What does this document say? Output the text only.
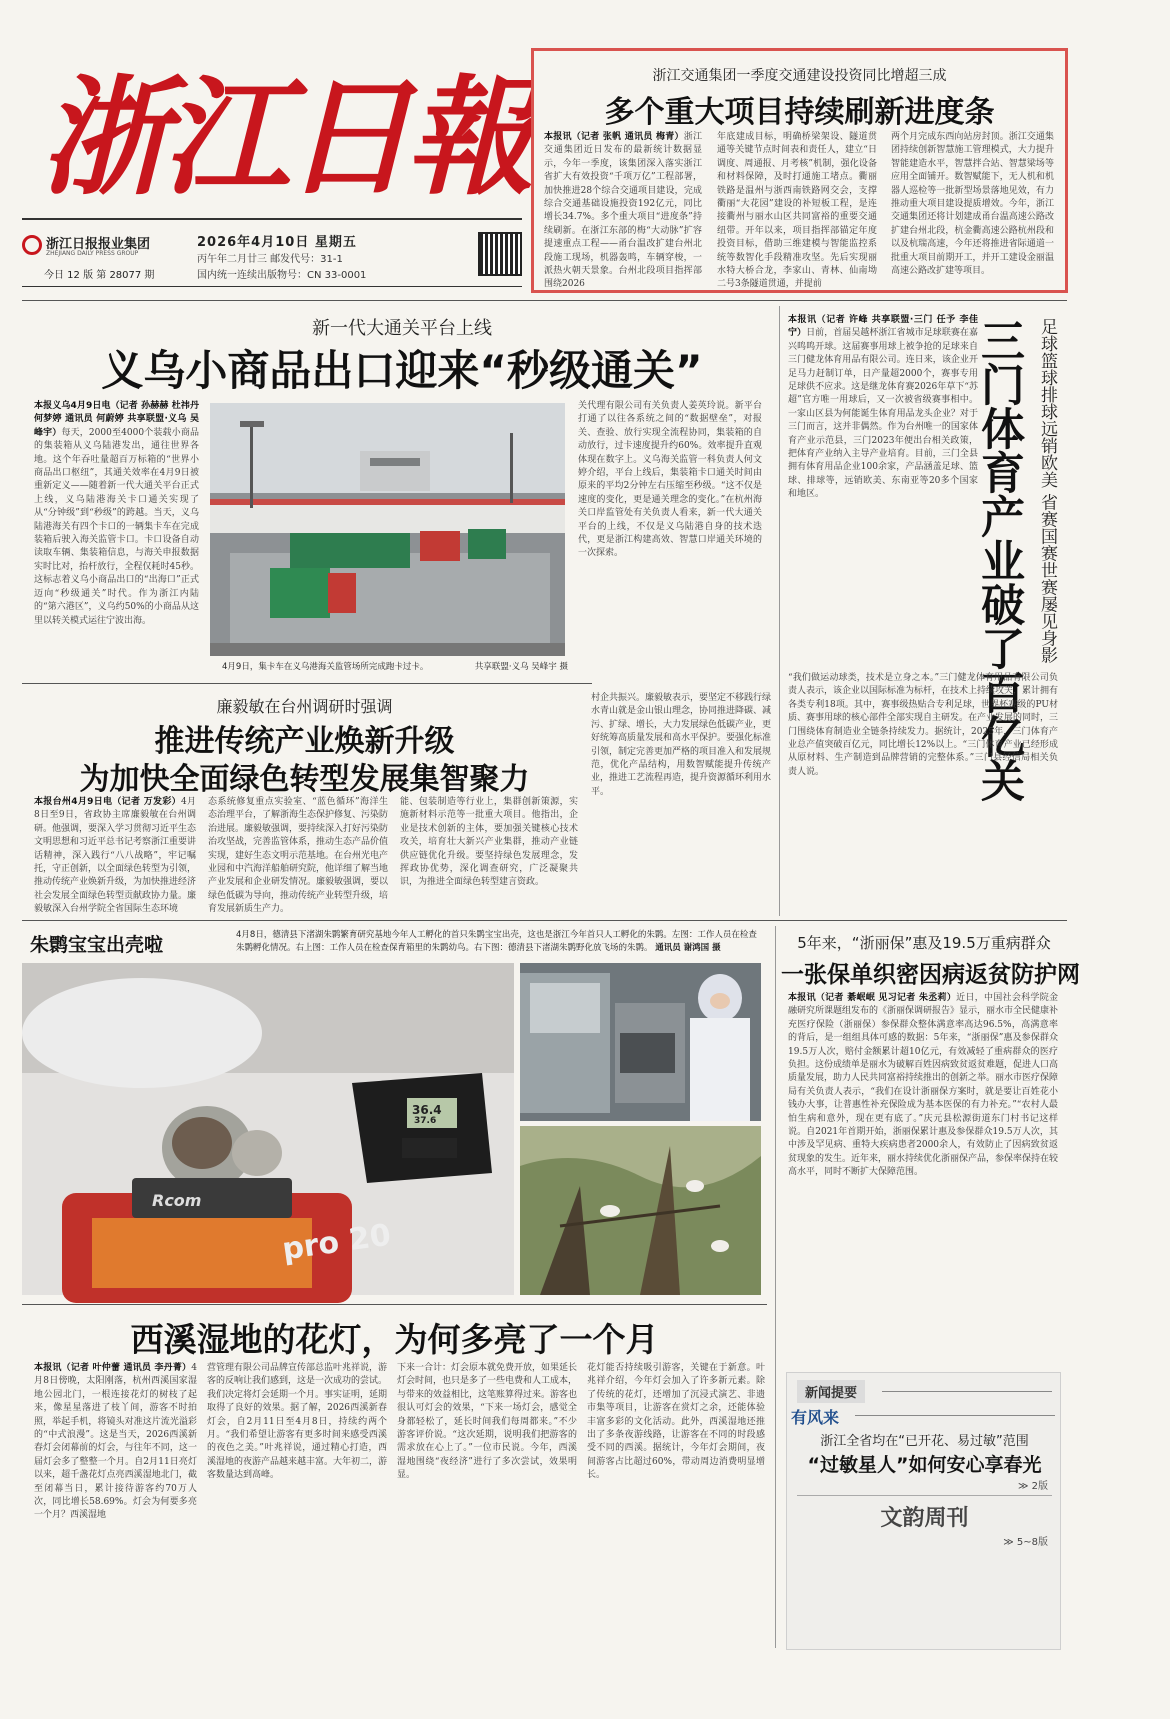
浙江日報
浙江日报报业集团
ZHEJIANG DAILY PRESS GROUP
今日 12 版 第 28077 期
2026年4月10日 星期五
丙午年二月廿三 邮发代号：31-1
国内统一连续出版物号：CN 33-0001
浙江交通集团一季度交通建设投资同比增超三成
多个重大项目持续刷新进度条
本报讯（记者 张帆 通讯员 梅青）浙江交通集团近日发布的最新统计数据显示，今年一季度，该集团深入落实浙江省扩大有效投资“千项万亿”工程部署，加快推进28个综合交通项目建设，完成综合交通基础设施投资192亿元，同比增长34.7%。多个重大项目“进度条”持续刷新。在浙江东部的梅“大动脉”扩容提速重点工程——甬台温改扩建台州北段施工现场，机器轰鸣，车辆穿梭，一派热火朝天景象。台州北段项目指挥部围绕2026
年底建成目标，明确桥梁架设、隧道贯通等关键节点时间表和责任人，建立“日调度、周通报、月考核”机制，强化设备和材料保障，及时打通施工堵点。衢丽铁路是温州与浙西南铁路网交会，支撑衢丽“大花园”建设的补短板工程，是连接衢州与丽水山区共同富裕的重要交通纽带。开年以来，项目指挥部锚定年度投资目标，借助三维建模与智能监控系统等数智化手段精准攻坚。先后实现丽水特大桥合龙，李家山、青林、仙南坳二号3条隧道贯通，并提前
两个月完成东西向站房封顶。浙江交通集团持续创新智慧施工管理模式，大力提升智能建造水平，智慧拌合站、智慧梁场等应用全面铺开。数智赋能下，无人机和机器人巡检等一批新型场景落地见效，有力推动重大项目建设提质增效。今年，浙江交通集团还将计划建成甬台温高速公路改扩建台州北段，杭金衢高速公路杭州段和以及杭瑞高速，今年还将推进省际通道一批重大项目前期开工，并开工建设金丽温高速公路改扩建等项目。
新一代大通关平台上线
义乌小商品出口迎来“秒级通关”
本报义乌4月9日电（记者 孙赫赫 杜祎丹 何梦婷 通讯员 何蔚婷 共享联盟·义乌 吴峰宇）每天，2000至4000个装载小商品的集装箱从义乌陆港发出，通往世界各地。这个年吞吐量超百万标箱的“世界小商品出口枢纽”，其通关效率在4月9日被重新定义——随着新一代大通关平台正式上线，义乌陆港海关卡口通关实现了从“分钟级”到“秒级”的跨越。当天，义乌陆港海关有四个卡口的一辆集卡车在完成装箱后驶入海关监管卡口。卡口设备自动读取车辆、集装箱信息，与海关申报数据实时比对，抬杆放行，全程仅耗时45秒。这标志着义乌小商品出口的“出海口”正式迈向“秒级通关”时代。作为浙江内陆的“第六港区”，义乌约50%的小商品从这里以转关模式运往宁波出海。
4月9日，集卡车在义乌港海关监管场所完成跑卡过卡。	共享联盟·义乌 吴峰宇 摄
关代理有限公司有关负责人姜英玲说。新平台打通了以往各系统之间的“数据壁垒”，对报关、查验、放行实现全流程协同，集装箱的自动放行，过卡速度提升约60%。效率提升直观体现在数字上。义乌海关监管一科负责人何文婷介绍，平台上线后，集装箱卡口通关时间由原来的平均2分钟左右压缩至秒级。“这不仅是速度的变化，更是通关理念的变化。”在杭州海关口岸监管处有关负责人看来，新一代大通关平台的上线，不仅是义乌陆港自身的技术迭代，更是浙江构建高效、智慧口岸通关环境的一次探索。
廉毅敏在台州调研时强调
推进传统产业焕新升级
为加快全面绿色转型发展集智聚力
本报台州4月9日电（记者 万发彩）4月8日至9日，省政协主席廉毅敏在台州调研。他强调，要深入学习贯彻习近平生态文明思想和习近平总书记考察浙江重要讲话精神，深入践行“八八战略”，牢记嘱托，守正创新，以全面绿色转型为引领，推动传统产业焕新升级，为加快推进经济社会发展全面绿色转型贡献政协力量。廉毅敏深入台州学院全省国际生态环境
态系统修复重点实验室、“蓝色循环”海洋生态治理平台，了解浙海生态保护修复、污染防治进展。廉毅敏强调，要持续深入打好污染防治攻坚战，完善监管体系，推动生态产品价值实现，建好生态文明示范基地。在台州光电产业园和中汽海洋船舶研究院，他详细了解当地产业发展和企业研发情况。廉毅敏强调，要以绿色低碳为导向，推动传统产业转型升级，培育发展新质生产力。
能、包装制造等行业上，集群创新策源，实施新材料示范等一批重大项目。他指出，企业是技术创新的主体，要加强关键核心技术攻关，培育壮大新兴产业集群，推动产业链供应链优化升级。要坚持绿色发展理念，发挥政协优势，深化调查研究，广泛凝聚共识，为推进全面绿色转型建言资政。
村企共振兴。廉毅敏表示，要坚定不移践行绿水青山就是金山银山理念，协同推进降碳、减污、扩绿、增长，大力发展绿色低碳产业，更好统筹高质量发展和高水平保护。要强化标准引领，制定完善更加严格的项目准入和发展规范，优化产品结构，用数智赋能提升传统产业，推进工艺流程再造，提升资源循环利用水平。
本报讯（记者 许峰 共享联盟·三门 任予 李佳宁）日前，首届吴越杯浙江省城市足球联赛在嘉兴鸣鸣开球。这届赛事用球上被争抢的足球来自三门健龙体育用品有限公司。连日来，该企业开足马力赶制订单，日产量超2000个，赛事专用足球供不应求。这是继龙体育赛2026年草下“苏超”官方唯一用球后，又一次被省级赛事相中。一家山区县为何能诞生体育用品龙头企业？对于三门而言，这并非偶然。作为台州唯一的国家体育产业示范县，三门2023年便出台相关政策，把体育产业纳入主导产业培育。目前，三门全县拥有体育用品企业100余家，产品涵盖足球、篮球、排球等，远销欧美、东南亚等20多个国家和地区。	三门体育产业破了百亿关 足球篮球排球远销欧美 省赛国赛世赛屡见身影
“我们做运动球类，技术是立身之本。”三门健龙体育用品有限公司负责人表示，该企业以国际标准为标杆，在技术上持续攻关，累计拥有各类专利18项。其中，赛事级热贴合专利足球，世界杯赛级的PU材质、赛事用球的核心部件全部实现自主研发。在产业发展的同时，三门围绕体育制造业全链条持续发力。据统计，2025年，三门体育产业总产值突破百亿元，同比增长12%以上。“三门体育产业已经形成从原材料、生产制造到品牌营销的完整体系。”三门县经信局相关负责人说。
朱鹮宝宝出壳啦	4月8日，德清县下渚湖朱鹮繁育研究基地今年人工孵化的首只朱鹮宝宝出壳，这也是浙江今年首只人工孵化的朱鹮。左图：工作人员在检查朱鹮孵化情况。右上图：工作人员在检查保育箱里的朱鹮幼鸟。右下图：德清县下渚湖朱鹮野化放飞场的朱鹮。 通讯员 谢鸿国 摄
36.4
37.6
Rcom
pro 20
5年来，“浙丽保”惠及19.5万重病群众
一张保单织密因病返贫防护网
本报讯（记者 綦岷岷 见习记者 朱丞莉）近日，中国社会科学院金融研究所课题组发布的《浙丽保调研报告》显示，丽水市全民健康补充医疗保险（浙丽保）参保群众整体满意率高达96.5%，高满意率的背后，是一组组具体可感的数据：5年来，“浙丽保”惠及参保群众19.5万人次，赔付金额累计超10亿元，有效减轻了重病群众的医疗负担。这份成绩单是丽水为破解百姓因病致贫返贫难题，促进人口高质量发展，助力人民共同富裕持续推出的创新之举。丽水市医疗保障局有关负责人表示，“我们在设计浙丽保方案时，就是要让百姓花小钱办大事，让普惠性补充保险成为基本医保的有力补充。”“农村人最怕生病和意外，现在更有底了。”庆元县松源街道东门村书记这样说。自2021年首期开始，浙丽保累计惠及参保群众19.5万人次，其中涉及罕见病、重特大疾病患者2000余人，有效防止了因病致贫返贫现象的发生。近年来，丽水持续优化浙丽保产品，参保率保持在较高水平，同时不断扩大保障范围。
西溪湿地的花灯，为何多亮了一个月
本报讯（记者 叶仲蕾 通讯员 李丹菁）4月8日傍晚，太阳刚落，杭州西溪国家湿地公园北门，一根连接花灯的树枝了起来，像星星落进了枝丫间，游客不时拍照，举起手机，将镜头对准这片流光溢彩的“中式浪漫”。这是当天，2026西溪新春灯会闭幕前的灯会，与往年不同，这一届灯会多了整整一个月。自2月11日亮灯以来，超千盏花灯点亮西溪湿地北门，截至闭幕当日，累计接待游客约70万人次，同比增长58.69%。灯会为何要多亮一个月？西溪湿地
营管理有限公司品牌宣传部总监叶兆祥说，游客的反响让我们感到，这是一次成功的尝试。我们决定将灯会延期一个月。事实证明，延期取得了良好的效果。据了解，2026西溪新春灯会，自2月11日至4月8日，持续约两个月。“我们希望让游客有更多时间来感受西溪的夜色之美。”叶兆祥说，通过精心打造，西溪湿地的夜游产品越来越丰富。大年初二，游客数量达到高峰。
下来一合计：灯会原本就免费开放，如果延长灯会时间，也只是多了一些电费和人工成本，与带来的效益相比，这笔账算得过来。游客也很认可灯会的效果，“下来一场灯会，感觉全身都轻松了，延长时间我们每周都来。”不少游客评价说。“这次延期，说明我们把游客的需求放在心上了。”一位市民说。今年，西溪湿地围绕“夜经济”进行了多次尝试，效果明显。
花灯能否持续吸引游客，关键在于新意。叶兆祥介绍，今年灯会加入了许多新元素。除了传统的花灯，还增加了沉浸式演艺、非遗市集等项目，让游客在赏灯之余，还能体验丰富多彩的文化活动。此外，西溪湿地还推出了多条夜游线路，让游客在不同的时段感受不同的西溪。据统计，今年灯会期间，夜间游客占比超过60%，带动周边消费明显增长。
新闻提要
有风来
浙江全省均在“已开花、易过敏”范围
“过敏星人”如何安心享春光
≫ 2版
文韵周刊
≫ 5~8版
